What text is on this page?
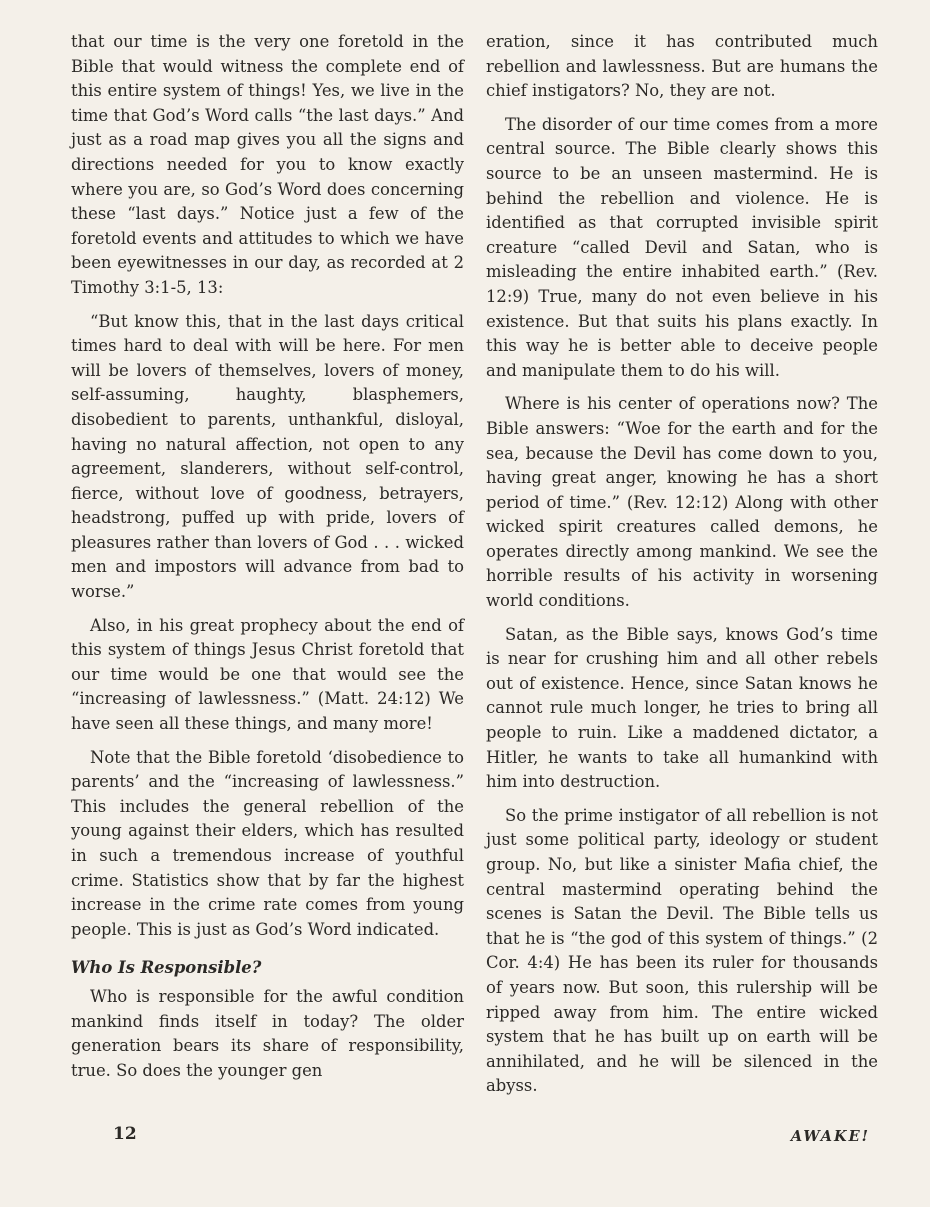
that our time is the very one foretold in the Bible that would witness the complete end of this entire system of things! Yes, we live in the time that God’s Word calls “the last days.” And just as a road map gives you all the signs and directions needed for you to know exactly where you are, so God’s Word does concerning these “last days.” Notice just a few of the foretold events and attitudes to which we have been eyewitnesses in our day, as recorded at 2 Timothy 3:1-5, 13:

“But know this, that in the last days critical times hard to deal with will be here. For men will be lovers of themselves, lovers of money, self-assuming, haughty, blasphemers, disobedient to parents, unthankful, disloyal, having no natural affection, not open to any agreement, slanderers, without self-control, fierce, without love of goodness, betrayers, headstrong, puffed up with pride, lovers of pleasures rather than lovers of God . . . wicked men and impostors will advance from bad to worse.”

Also, in his great prophecy about the end of this system of things Jesus Christ foretold that our time would be one that would see the “increasing of lawlessness.” (Matt. 24:12) We have seen all these things, and many more!

Note that the Bible foretold ‘disobedience to parents’ and the “increasing of lawlessness.” This includes the general rebellion of the young against their elders, which has resulted in such a tremendous increase of youthful crime. Statistics show that by far the highest increase in the crime rate comes from young people. This is just as God’s Word indicated.

Who Is Responsible?

Who is responsible for the awful condition mankind finds itself in today? The older generation bears its share of responsibility, true. So does the younger gen

eration, since it has contributed much rebellion and lawlessness. But are humans the chief instigators? No, they are not.

The disorder of our time comes from a more central source. The Bible clearly shows this source to be an unseen mastermind. He is behind the rebellion and violence. He is identified as that corrupted invisible spirit creature “called Devil and Satan, who is misleading the entire inhabited earth.” (Rev. 12:9) True, many do not even believe in his existence. But that suits his plans exactly. In this way he is better able to deceive people and manipulate them to do his will.

Where is his center of operations now? The Bible answers: “Woe for the earth and for the sea, because the Devil has come down to you, having great anger, knowing he has a short period of time.” (Rev. 12:12) Along with other wicked spirit creatures called demons, he operates directly among mankind. We see the horrible results of his activity in worsening world conditions.

Satan, as the Bible says, knows God’s time is near for crushing him and all other rebels out of existence. Hence, since Satan knows he cannot rule much longer, he tries to bring all people to ruin. Like a maddened dictator, a Hitler, he wants to take all humankind with him into destruction.

So the prime instigator of all rebellion is not just some political party, ideology or student group. No, but like a sinister Mafia chief, the central mastermind operating behind the scenes is Satan the Devil. The Bible tells us that he is “the god of this system of things.” (2 Cor. 4:4) He has been its ruler for thousands of years now. But soon, this rulership will be ripped away from him. The entire wicked system that he has built up on earth will be annihilated, and he will be silenced in the abyss.

12	AWAKE!
